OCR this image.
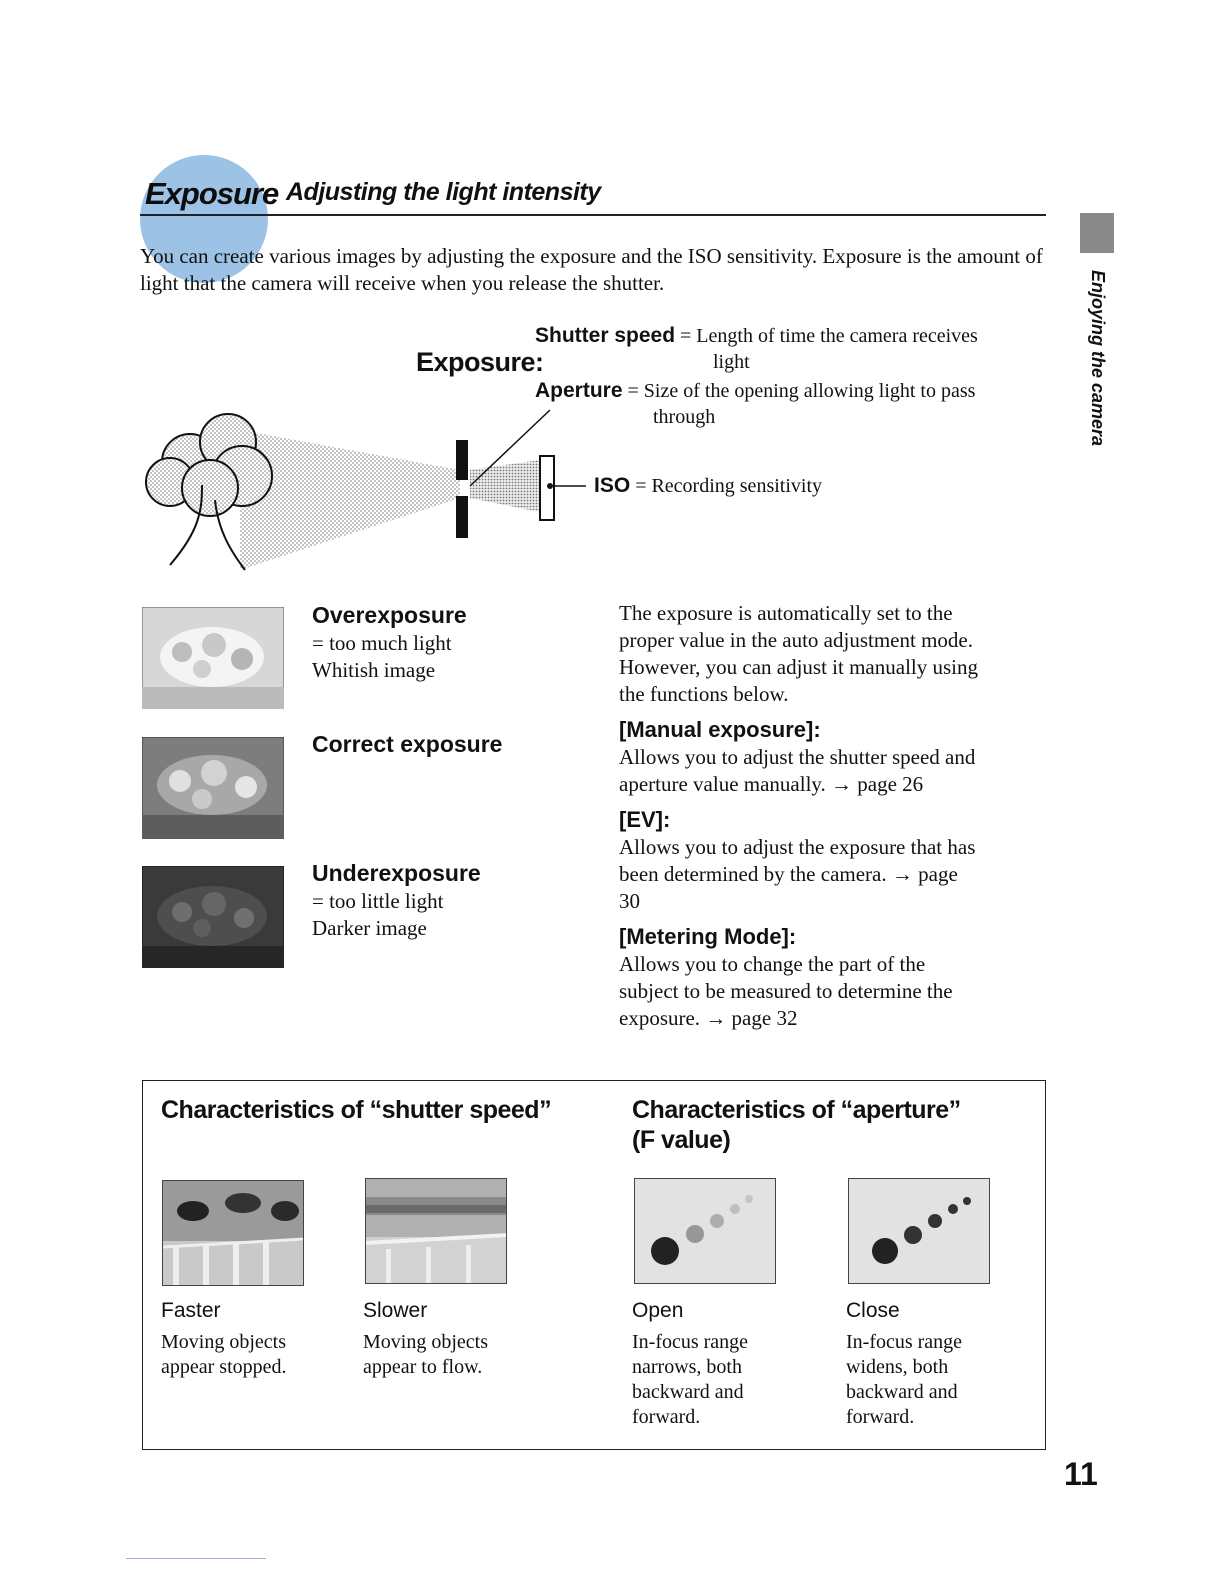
Exposure Adjusting the light intensity
You can create various images by adjusting the exposure and the ISO sensitivity. Exposure is the amount of light that the camera will receive when you release the shutter.	Enjoying the camera
Exposure:
Shutter speed = Length of time the camera receives
light
Aperture = Size of the opening allowing light to pass
through
ISO = Recording sensitivity
Overexposure
= too much light
Whitish image
Correct exposure
Underexposure
= too little light
Darker image

The exposure is automatically set to the

proper value in the auto adjustment mode.

However, you can adjust it manually using

the functions below.

[Manual exposure]:

Allows you to adjust the shutter speed and

aperture value manually. → page 26

[EV]:

Allows you to adjust the exposure that has

been determined by the camera. → page

30

[Metering Mode]:

Allows you to change the part of the

subject to be measured to determine the

exposure. → page 32

Characteristics of “shutter speed”	Characteristics of “aperture”
(F value)
Faster
Moving objects
appear stopped.
Slower
Moving objects
appear to flow.
Open
In-focus range
narrows, both
backward and
forward.
Close
In-focus range
widens, both
backward and
forward.
11
